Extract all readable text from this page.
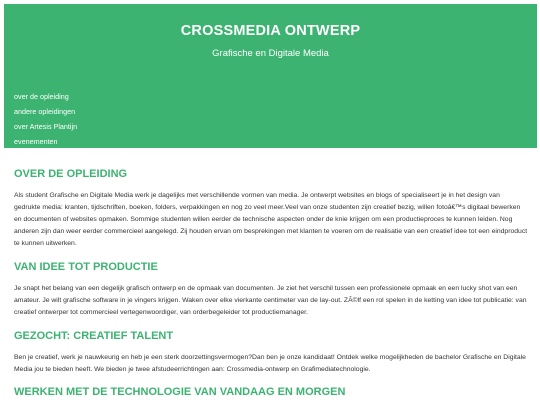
CROSSMEDIA ONTWERP
Grafische en Digitale Media
over de opleiding
andere opleidingen
over Artesis Plantijn
evenementen
OVER DE OPLEIDING

Als student Grafische en Digitale Media werk je dagelijks met verschillende vormen van media. Je ontwerpt websites en blogs of specialiseert je in het design van gedrukte media: kranten, tijdschriften, boeken, folders, verpakkingen en nog zo veel meer.Veel van onze studenten zijn creatief bezig, willen fotoâ€™s digitaal bewerken en documenten of websites opmaken. Sommige studenten willen eerder de technische aspecten onder de knie krijgen om een productieproces te kunnen leiden. Nog anderen zijn dan weer eerder commercieel aangelegd. Zij houden ervan om besprekingen met klanten te voeren om de realisatie van een creatief idee tot een eindproduct te kunnen uitwerken.

VAN IDEE TOT PRODUCTIE

Je snapt het belang van een degelijk grafisch ontwerp en de opmaak van documenten. Je ziet het verschil tussen een professionele opmaak en een lucky shot van een amateur. Je wilt grafische software in je vingers krijgen. Waken over elke vierkante centimeter van de lay-out. ZÃ©lf een rol spelen in de ketting van idee tot publicatie: van creatief ontwerper tot commercieel vertegenwoordiger, van orderbegeleider tot productiemanager.

GEZOCHT: CREATIEF TALENT

Ben je creatief, werk je nauwkeurig en heb je een sterk doorzettingsvermogen?Dan ben je onze kandidaat! Ontdek welke mogelijkheden de bachelor Grafische en Digitale Media jou te bieden heeft. We bieden je twee afstudeerrichtingen aan: Crossmedia-ontwerp en Grafimediatechnologie.

WERKEN MET DE TECHNOLOGIE VAN VANDAAG EN MORGEN
